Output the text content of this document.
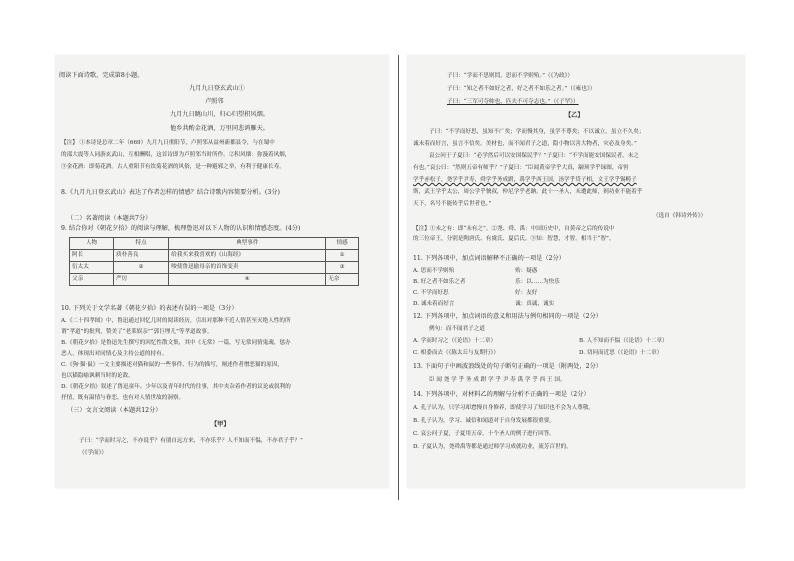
阅读下面诗歌，完成第8小题。
九月九日登玄武山①
卢照邻
九月九日眺山川，归心归望积风烟。
他乡共酌金花酒，万里同悲鸿雁天。
【注】 ①本诗是总章二年（669）九月九日重阳节，卢照邻从益州新都县令，与在蜀中
的邵大震等人同游玄武山，互相酬唱，这首诗即为卢照邻当时所作。②积风烟：弥漫着风烟，
③金花酒：即菊花酒。古人重阳节有饮菊花酒的风俗，是一种避邪之举，有利于健康长寿。
8.《九月九日登玄武山》表达了作者怎样的情感？结合诗歌内容简要分析。(3分)
（二）名著阅读（本题共7分）
9. 结合你对《朝花夕拾》的阅读与理解，梳理鲁迅对以下人物的认识和情感态度。(4分)
人物	特点	典型事件	情感
阿长	质朴善良	给我买来我喜欢的《山海经》	①
衍太太	②	唆使鲁迅偷母亲的首饰变卖	③
父亲	严厉	④	无奈
10. 下列关于文学名著《朝花夕拾》的表述有误的一项是（3分）
A.《二十四孝图》中，鲁迅通过回忆儿时的阅读经历，引出对那种不近人情甚至灭绝人性的所
谓“孝道”的批判，赞美了“老莱娱亲”“郭巨埋儿”等孝道故事。
B.《朝花夕拾》是鲁迅先生撰写的回忆性散文集，其中《无常》一篇，写无常同情鬼魂，惩办
恶人，体现出对同情心及主持公道的持有。
C.《狗·猫·鼠》一文主要描述对猫和鼠的一些事件、行为的描写，阐述作者憎恶猫的原因，
也以猫隐喻讽刺当时的论敌。
D.《朝花夕拾》叙述了鲁迅童年、少年以及青年时代的往事，其中夹杂着作者的议论或叙利的
抒情，既有温情与眷恋，也有对人情世故的洞察。
（三）文言文阅读（本题共12分）
【甲】
子曰：“学而时习之，不亦说乎？有朋自远方来，不亦乐乎？人不知而不愠，不亦君子乎？”
（《学而》）
子曰：“学而不思则罔，思而不学则殆。”（《为政》）
子曰：“知之者不如好之者，好之者不如乐之者。”（《雍也》）
子曰：“三军可夺帅也，匹夫不可夺志也。”（《子罕》）
【乙】
子曰：“不学而好思，虽知不广矣；学而慢其身，虽学不尊矣；不以诚立，虽立不久矣；
诚未着而好言，虽言不信矣。美材也，而不闻君子之道，隐小物以害大物者，灾必及身矣。”
哀公问于子夏曰：“必学然后可以安国保民乎？”子夏曰：“不学而能安国保民者，未之
有也。”哀公曰：“然则五帝有师乎？”子夏曰：“臣闻黄帝学乎大真，颛顼学乎绿图，帝喾
学乎赤松子，尧学乎尹寿，舜学乎务成跗，禹学乎西王国，汤学乎贷子相，文王学乎锡畴子
斯，武王学乎太公，周公学乎虢叔，仲尼学乎老聃。此十一圣人，未遭此师，则功业不能着乎
天下，名号不能传乎后世者也。”
（选自《韩诗外传》）
【注】①未之有：即“未有之”。②尧、舜、禹：中国历史中，自黄帝之后的传说中
的三位帝王，分别是陶唐氏、有虞氏、夏后氏。③知：智慧，才智。相当于“智”。
11. 下列各项中，加点词语解释不正确的一项是（2分）
A. 思而不学则殆	殆：疑惑
B. 好之者不如乐之者	乐：以……为快乐
C. 不学而好思	好：友好
D. 诚未着而好言	诚：真诚，诚实
12. 下列各项中，加点词语的意义和用法与例句相同的一项是（2分）
例句：而不闻君子之道
A. 学而时习之（《论语》十二章）	B. 人不知而不愠（《论语》十二章）
C. 相委而去（《陈太丘与友期行》）	D. 切问而近思（《论语》十二章）
13. 下面句子中画波浪线处的句子断句正确的一项是（附两处，2分）
臣 闻 尧 学 乎 务 成 跗 学 乎 尹 寿 禹 学 乎 西 王 国。
14. 下列各项中，对材料乙的理解与分析不正确的一项是（2分）
A. 孔子认为，只学习却怠慢自身修养，即使学习了知识也不会为人尊敬。
B. 孔子认为，学习、诚信和闻道对于自身发展都很重要。
C. 哀公问子夏，子夏用五帝，十个圣人的例子进行回答。
D. 子夏认为，尧舜禹等都是通过师学习成就功业，流芳百世的。
